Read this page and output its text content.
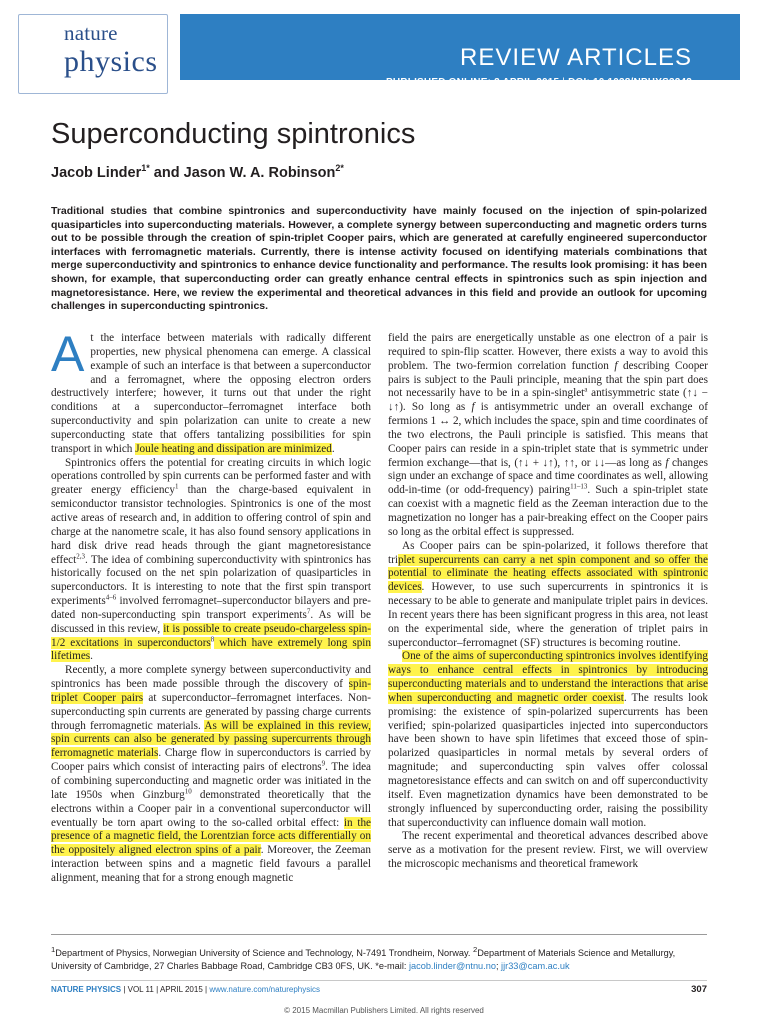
nature
physics	REVIEW ARTICLES
PUBLISHED ONLINE: 2 APRIL 2015 | DOI: 10.1038/NPHYS3242
Superconducting spintronics
Jacob Linder$^{1*}$ and Jason W. A. Robinson$^{2*}$
Traditional studies that combine spintronics and superconductivity have mainly focused on the injection of spin-polarized quasiparticles into superconducting materials. However, a complete synergy between superconducting and magnetic orders turns out to be possible through the creation of spin-triplet Cooper pairs, which are generated at carefully engineered superconductor interfaces with ferromagnetic materials. Currently, there is intense activity focused on identifying materials combinations that merge superconductivity and spintronics to enhance device functionality and performance. The results look promising: it has been shown, for example, that superconducting order can greatly enhance central effects in spintronics such as spin injection and magnetoresistance. Here, we review the experimental and theoretical advances in this field and provide an outlook for upcoming challenges in superconducting spintronics.

At the interface between materials with radically different properties, new physical phenomena can emerge. A classical example of such an interface is that between a superconductor and a ferromagnet, where the opposing electron orders destructively interfere; however, it turns out that under the right conditions at a superconductor–ferromagnet interface both superconductivity and spin polarization can unite to create a new superconducting state that offers tantalizing possibilities for spin transport in which Joule heating and dissipation are minimized.

Spintronics offers the potential for creating circuits in which logic operations controlled by spin currents can be performed faster and with greater energy efficiency$^1$ than the charge-based equivalent in semiconductor transistor technologies. Spintronics is one of the most active areas of research and, in addition to offering control of spin and charge at the nanometre scale, it has also found sensory applications in hard disk drive read heads through the giant magnetoresistance effect$^{2,3}$. The idea of combining superconductivity with spintronics has historically focused on the net spin polarization of quasiparticles in superconductors. It is interesting to note that the first spin transport experiments$^{4-6}$ involved ferromagnet–superconductor bilayers and pre-dated non-superconducting spin transport experiments$^7$. As will be discussed in this review, it is possible to create pseudo-chargeless spin-1/2 excitations in superconductors$^8$ which have extremely long spin lifetimes.

Recently, a more complete synergy between superconductivity and spintronics has been made possible through the discovery of spin-triplet Cooper pairs at superconductor–ferromagnet interfaces. Non-superconducting spin currents are generated by passing charge currents through ferromagnetic materials. As will be explained in this review, spin currents can also be generated by passing supercurrents through ferromagnetic materials. Charge flow in superconductors is carried by Cooper pairs which consist of interacting pairs of electrons$^9$. The idea of combining superconducting and magnetic order was initiated in the late 1950s when Ginzburg$^{10}$ demonstrated theoretically that the electrons within a Cooper pair in a conventional superconductor will eventually be torn apart owing to the so-called orbital effect: in the presence of a magnetic field, the Lorentzian force acts differentially on the oppositely aligned electron spins of a pair. Moreover, the Zeeman interaction between spins and a magnetic field favours a parallel alignment, meaning that for a strong enough magnetic

field the pairs are energetically unstable as one electron of a pair is required to spin-flip scatter. However, there exists a way to avoid this problem. The two-fermion correlation function f describing Cooper pairs is subject to the Pauli principle, meaning that the spin part does not necessarily have to be in a spin-singlet$^a$ antisymmetric state (↑↓ − ↓↑). So long as f is antisymmetric under an overall exchange of fermions 1 ↔ 2, which includes the space, spin and time coordinates of the two electrons, the Pauli principle is satisfied. This means that Cooper pairs can reside in a spin-triplet state that is symmetric under fermion exchange—that is, (↑↓ + ↓↑), ↑↑, or ↓↓—as long as f changes sign under an exchange of space and time coordinates as well, allowing odd-in-time (or odd-frequency) pairing$^{11-13}$. Such a spin-triplet state can coexist with a magnetic field as the Zeeman interaction due to the magnetization no longer has a pair-breaking effect on the Cooper pairs so long as the orbital effect is suppressed.

As Cooper pairs can be spin-polarized, it follows therefore that triplet supercurrents can carry a net spin component and so offer the potential to eliminate the heating effects associated with spintronic devices. However, to use such supercurrents in spintronics it is necessary to be able to generate and manipulate triplet pairs in devices. In recent years there has been significant progress in this area, not least on the experimental side, where the generation of triplet pairs in superconductor–ferromagnet (SF) structures is becoming routine.

One of the aims of superconducting spintronics involves identifying ways to enhance central effects in spintronics by introducing superconducting materials and to understand the interactions that arise when superconducting and magnetic order coexist. The results look promising: the existence of spin-polarized supercurrents has been verified; spin-polarized quasiparticles injected into superconductors have been shown to have spin lifetimes that exceed those of spin-polarized quasiparticles in normal metals by several orders of magnitude; and superconducting spin valves offer colossal magnetoresistance effects and can switch on and off superconductivity itself. Even magnetization dynamics have been demonstrated to be strongly influenced by superconducting order, raising the possibility that superconductivity can influence domain wall motion.

The recent experimental and theoretical advances described above serve as a motivation for the present review. First, we will overview the microscopic mechanisms and theoretical framework

$^1$Department of Physics, Norwegian University of Science and Technology, N-7491 Trondheim, Norway. $^2$Department of Materials Science and Metallurgy, University of Cambridge, 27 Charles Babbage Road, Cambridge CB3 0FS, UK. *e-mail: jacob.linder@ntnu.no; jjr33@cam.ac.uk
NATURE PHYSICS | VOL 11 | APRIL 2015 | www.nature.com/naturephysics	307
© 2015 Macmillan Publishers Limited. All rights reserved
